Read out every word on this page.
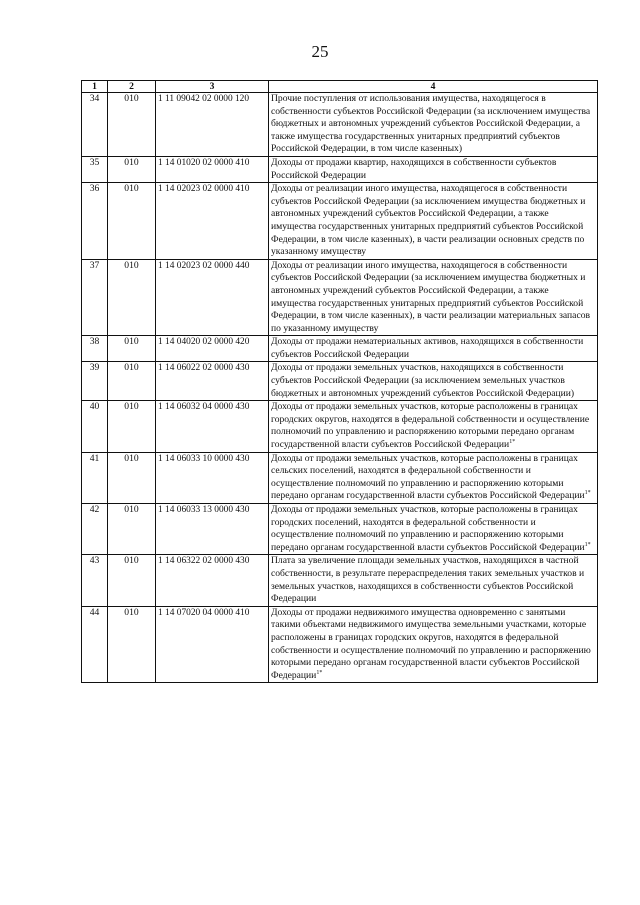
25
1	2	3	4
34	010	1 11 09042 02 0000 120	Прочие поступления от использования имущества, находящегося в собственности субъектов Российской Федерации (за исключением имущества бюджетных и автономных учреждений субъектов Российской Федерации, а также имущества государственных унитарных предприятий субъектов Российской Федерации, в том числе казенных)
35	010	1 14 01020 02 0000 410	Доходы от продажи квартир, находящихся в собственности субъектов Российской Федерации
36	010	1 14 02023 02 0000 410	Доходы от реализации иного имущества, находящегося в собственности субъектов Российской Федерации (за исключением имущества бюджетных и автономных учреждений субъектов Российской Федерации, а также имущества государственных унитарных предприятий субъектов Российской Федерации, в том числе казенных), в части реализации основных средств по указанному имуществу
37	010	1 14 02023 02 0000 440	Доходы от реализации иного имущества, находящегося в собственности субъектов Российской Федерации (за исключением имущества бюджетных и автономных учреждений субъектов Российской Федерации, а также имущества государственных унитарных предприятий субъектов Российской Федерации, в том числе казенных), в части реализации материальных запасов по указанному имуществу
38	010	1 14 04020 02 0000 420	Доходы от продажи нематериальных активов, находящихся в собственности субъектов Российской Федерации
39	010	1 14 06022 02 0000 430	Доходы от продажи земельных участков, находящихся в собственности субъектов Российской Федерации (за исключением земельных участков бюджетных и автономных учреждений субъектов Российской Федерации)
40	010	1 14 06032 04 0000 430	Доходы от продажи земельных участков, которые расположены в границах городских округов, находятся в федеральной собственности и осуществление полномочий по управлению и распоряжению которыми передано органам государственной власти субъектов Российской Федерации$^{1*}$
41	010	1 14 06033 10 0000 430	Доходы от продажи земельных участков, которые расположены в границах сельских поселений, находятся в федеральной собственности и осуществление полномочий по управлению и распоряжению которыми передано органам государственной власти субъектов Российской Федерации$^{1*}$
42	010	1 14 06033 13 0000 430	Доходы от продажи земельных участков, которые расположены в границах городских поселений, находятся в федеральной собственности и осуществление полномочий по управлению и распоряжению которыми передано органам государственной власти субъектов Российской Федерации$^{1*}$
43	010	1 14 06322 02 0000 430	Плата за увеличение площади земельных участков, находящихся в частной собственности, в результате перераспределения таких земельных участков и земельных участков, находящихся в собственности субъектов Российской Федерации
44	010	1 14 07020 04 0000 410	Доходы от продажи недвижимого имущества одновременно с занятыми такими объектами недвижимого имущества земельными участками, которые расположены в границах городских округов, находятся в федеральной собственности и осуществление полномочий по управлению и распоряжению которыми передано органам государственной власти субъектов Российской Федерации$^{1*}$
